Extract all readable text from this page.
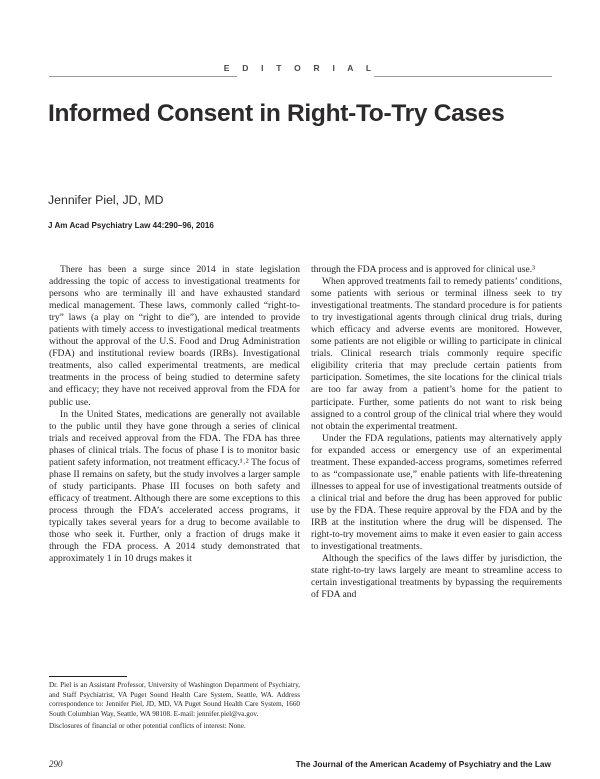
E D I T O R I A L
Informed Consent in Right-To-Try Cases

Jennifer Piel, JD, MD

J Am Acad Psychiatry Law 44:290–96, 2016

There has been a surge since 2014 in state legislation addressing the topic of access to investigational treatments for persons who are terminally ill and have exhausted standard medical management. These laws, commonly called “right-to-try” laws (a play on “right to die”), are intended to provide patients with timely access to investigational medical treatments without the approval of the U.S. Food and Drug Administration (FDA) and institutional review boards (IRBs). Investigational treatments, also called experimental treatments, are medical treatments in the process of being studied to determine safety and efficacy; they have not received approval from the FDA for public use.

In the United States, medications are generally not available to the public until they have gone through a series of clinical trials and received approval from the FDA. The FDA has three phases of clinical trials. The focus of phase I is to monitor basic patient safety information, not treatment efficacy.¹˒² The focus of phase II remains on safety, but the study involves a larger sample of study participants. Phase III focuses on both safety and efficacy of treatment. Although there are some exceptions to this process through the FDA’s accelerated access programs, it typically takes several years for a drug to become available to those who seek it. Further, only a fraction of drugs make it through the FDA process. A 2014 study demonstrated that approximately 1 in 10 drugs makes it

through the FDA process and is approved for clinical use.³

When approved treatments fail to remedy patients’ conditions, some patients with serious or terminal illness seek to try investigational treatments. The standard procedure is for patients to try investigational agents through clinical drug trials, during which efficacy and adverse events are monitored. However, some patients are not eligible or willing to participate in clinical trials. Clinical research trials commonly require specific eligibility criteria that may preclude certain patients from participation. Sometimes, the site locations for the clinical trials are too far away from a patient’s home for the patient to participate. Further, some patients do not want to risk being assigned to a control group of the clinical trial where they would not obtain the experimental treatment.

Under the FDA regulations, patients may alternatively apply for expanded access or emergency use of an experimental treatment. These expanded-access programs, sometimes referred to as “compassionate use,” enable patients with life-threatening illnesses to appeal for use of investigational treatments outside of a clinical trial and before the drug has been approved for public use by the FDA. These require approval by the FDA and by the IRB at the institution where the drug will be dispensed. The right-to-try movement aims to make it even easier to gain access to investigational treatments.

Although the specifics of the laws differ by jurisdiction, the state right-to-try laws largely are meant to streamline access to certain investigational treatments by bypassing the requirements of FDA and

Dr. Piel is an Assistant Professor, University of Washington Department of Psychiatry, and Staff Psychiatrist, VA Puget Sound Health Care System, Seattle, WA. Address correspondence to: Jennifer Piel, JD, MD, VA Puget Sound Health Care System, 1660 South Columbian Way, Seattle, WA 98108. E-mail: jennifer.piel@va.gov.

Disclosures of financial or other potential conflicts of interest: None.

290	The Journal of the American Academy of Psychiatry and the Law
